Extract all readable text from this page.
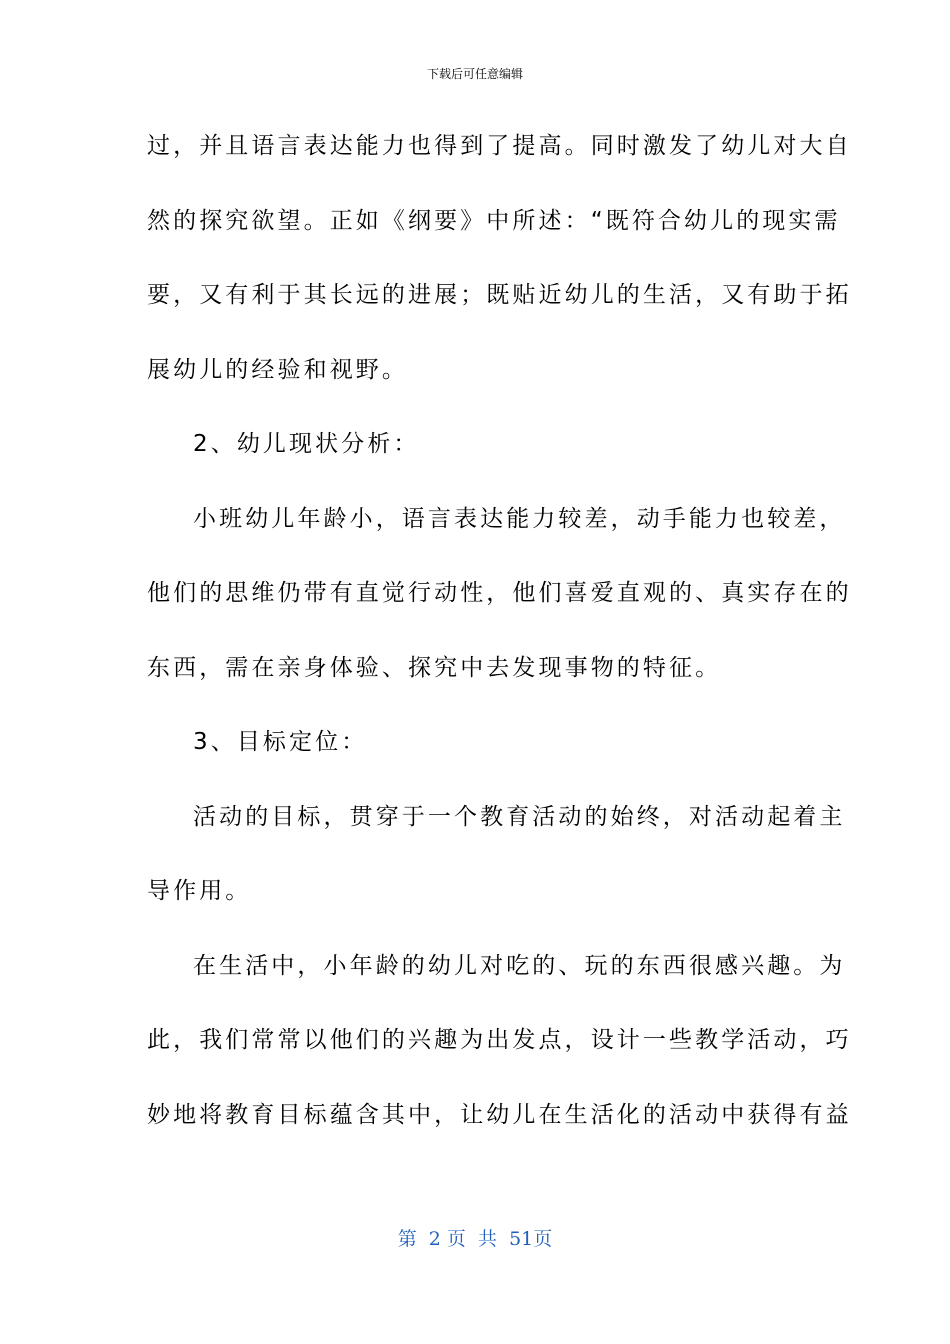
下载后可任意编辑
过，并且语言表达能力也得到了提高。同时激发了幼儿对大自
然的探究欲望。正如《纲要》中所述：“既符合幼儿的现实需
要，又有利于其长远的进展；既贴近幼儿的生活，又有助于拓
展幼儿的经验和视野。
2、幼儿现状分析：
小班幼儿年龄小，语言表达能力较差，动手能力也较差，
他们的思维仍带有直觉行动性，他们喜爱直观的、真实存在的
东西，需在亲身体验、探究中去发现事物的特征。
3、目标定位：
活动的目标，贯穿于一个教育活动的始终，对活动起着主
导作用。
在生活中，小年龄的幼儿对吃的、玩的东西很感兴趣。为
此，我们常常以他们的兴趣为出发点，设计一些教学活动，巧
妙地将教育目标蕴含其中，让幼儿在生活化的活动中获得有益
第  2 页  共  51页
